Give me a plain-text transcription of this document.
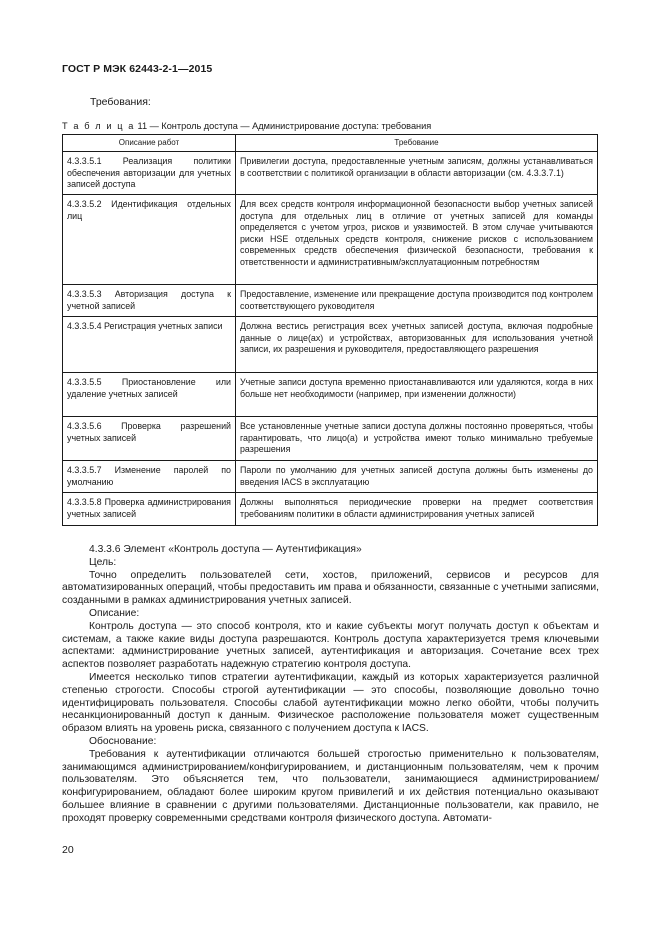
ГОСТ Р МЭК 62443-2-1—2015
Требования:
Т а б л и ц а 11 — Контроль доступа — Администрирование доступа: требования
Описание работ	Требование
4.3.3.5.1 Реализация политики обеспечения авторизации для учетных записей доступа	Привилегии доступа, предоставленные учетным записям, должны устанавливаться в соответствии с политикой организации в области авторизации (см. 4.3.3.7.1)
4.3.3.5.2 Идентификация отдельных лиц	Для всех средств контроля информационной безопасности выбор учетных записей доступа для отдельных лиц в отличие от учетных записей для команды определяется с учетом угроз, рисков и уязвимостей. В этом случае учитываются риски HSE отдельных средств контроля, снижение рисков с использованием современных средств обеспечения физической безопасности, требования к ответственности и административным/эксплуатационным потребностям
4.3.3.5.3 Авторизация доступа к учетной записей	Предоставление, изменение или прекращение доступа производится под контролем соответствующего руководителя
4.3.3.5.4 Регистрация учетных записи	Должна вестись регистрация всех учетных записей доступа, включая подробные данные о лице(ах) и устройствах, авторизованных для использования учетной записи, их разрешения и руководителя, предоставляющего разрешения
4.3.3.5.5 Приостановление или удаление учетных записей	Учетные записи доступа временно приостанавливаются или удаляются, когда в них больше нет необходимости (например, при изменении должности)
4.3.3.5.6 Проверка разрешений учетных записей	Все установленные учетные записи доступа должны постоянно проверяться, чтобы гарантировать, что лицо(а) и устройства имеют только минимально требуемые разрешения
4.3.3.5.7 Изменение паролей по умолчанию	Пароли по умолчанию для учетных записей доступа должны быть изменены до введения IACS в эксплуатацию
4.3.3.5.8 Проверка администрирования учетных записей	Должны выполняться периодические проверки на предмет соответствия требованиям политики в области администрирования учетных записей

4.3.3.6 Элемент «Контроль доступа — Аутентификация»

Цель:

Точно определить пользователей сети, хостов, приложений, сервисов и ресурсов для автоматизированных операций, чтобы предоставить им права и обязанности, связанные с учетными записями, созданными в рамках администрирования учетных записей.

Описание:

Контроль доступа — это способ контроля, кто и какие субъекты могут получать доступ к объектам и системам, а также какие виды доступа разрешаются. Контроль доступа характеризуется тремя ключевыми аспектами: администрирование учетных записей, аутентификация и авторизация. Сочетание всех трех аспектов позволяет разработать надежную стратегию контроля доступа.

Имеется несколько типов стратегии аутентификации, каждый из которых характеризуется различной степенью строгости. Способы строгой аутентификации — это способы, позволяющие довольно точно идентифицировать пользователя. Способы слабой аутентификации можно легко обойти, чтобы получить несанкционированный доступ к данным. Физическое расположение пользователя может существенным образом влиять на уровень риска, связанного с получением доступа к IACS.

Обоснование:

Требования к аутентификации отличаются большей строгостью применительно к пользователям, занимающимся администрированием/конфигурированием, и дистанционным пользователям, чем к прочим пользователям. Это объясняется тем, что пользователи, занимающиеся администрированием/конфигурированием, обладают более широким кругом привилегий и их действия потенциально оказывают большее влияние в сравнении с другими пользователями. Дистанционные пользователи, как правило, не проходят проверку современными средствами контроля физического доступа. Автомати-

20
